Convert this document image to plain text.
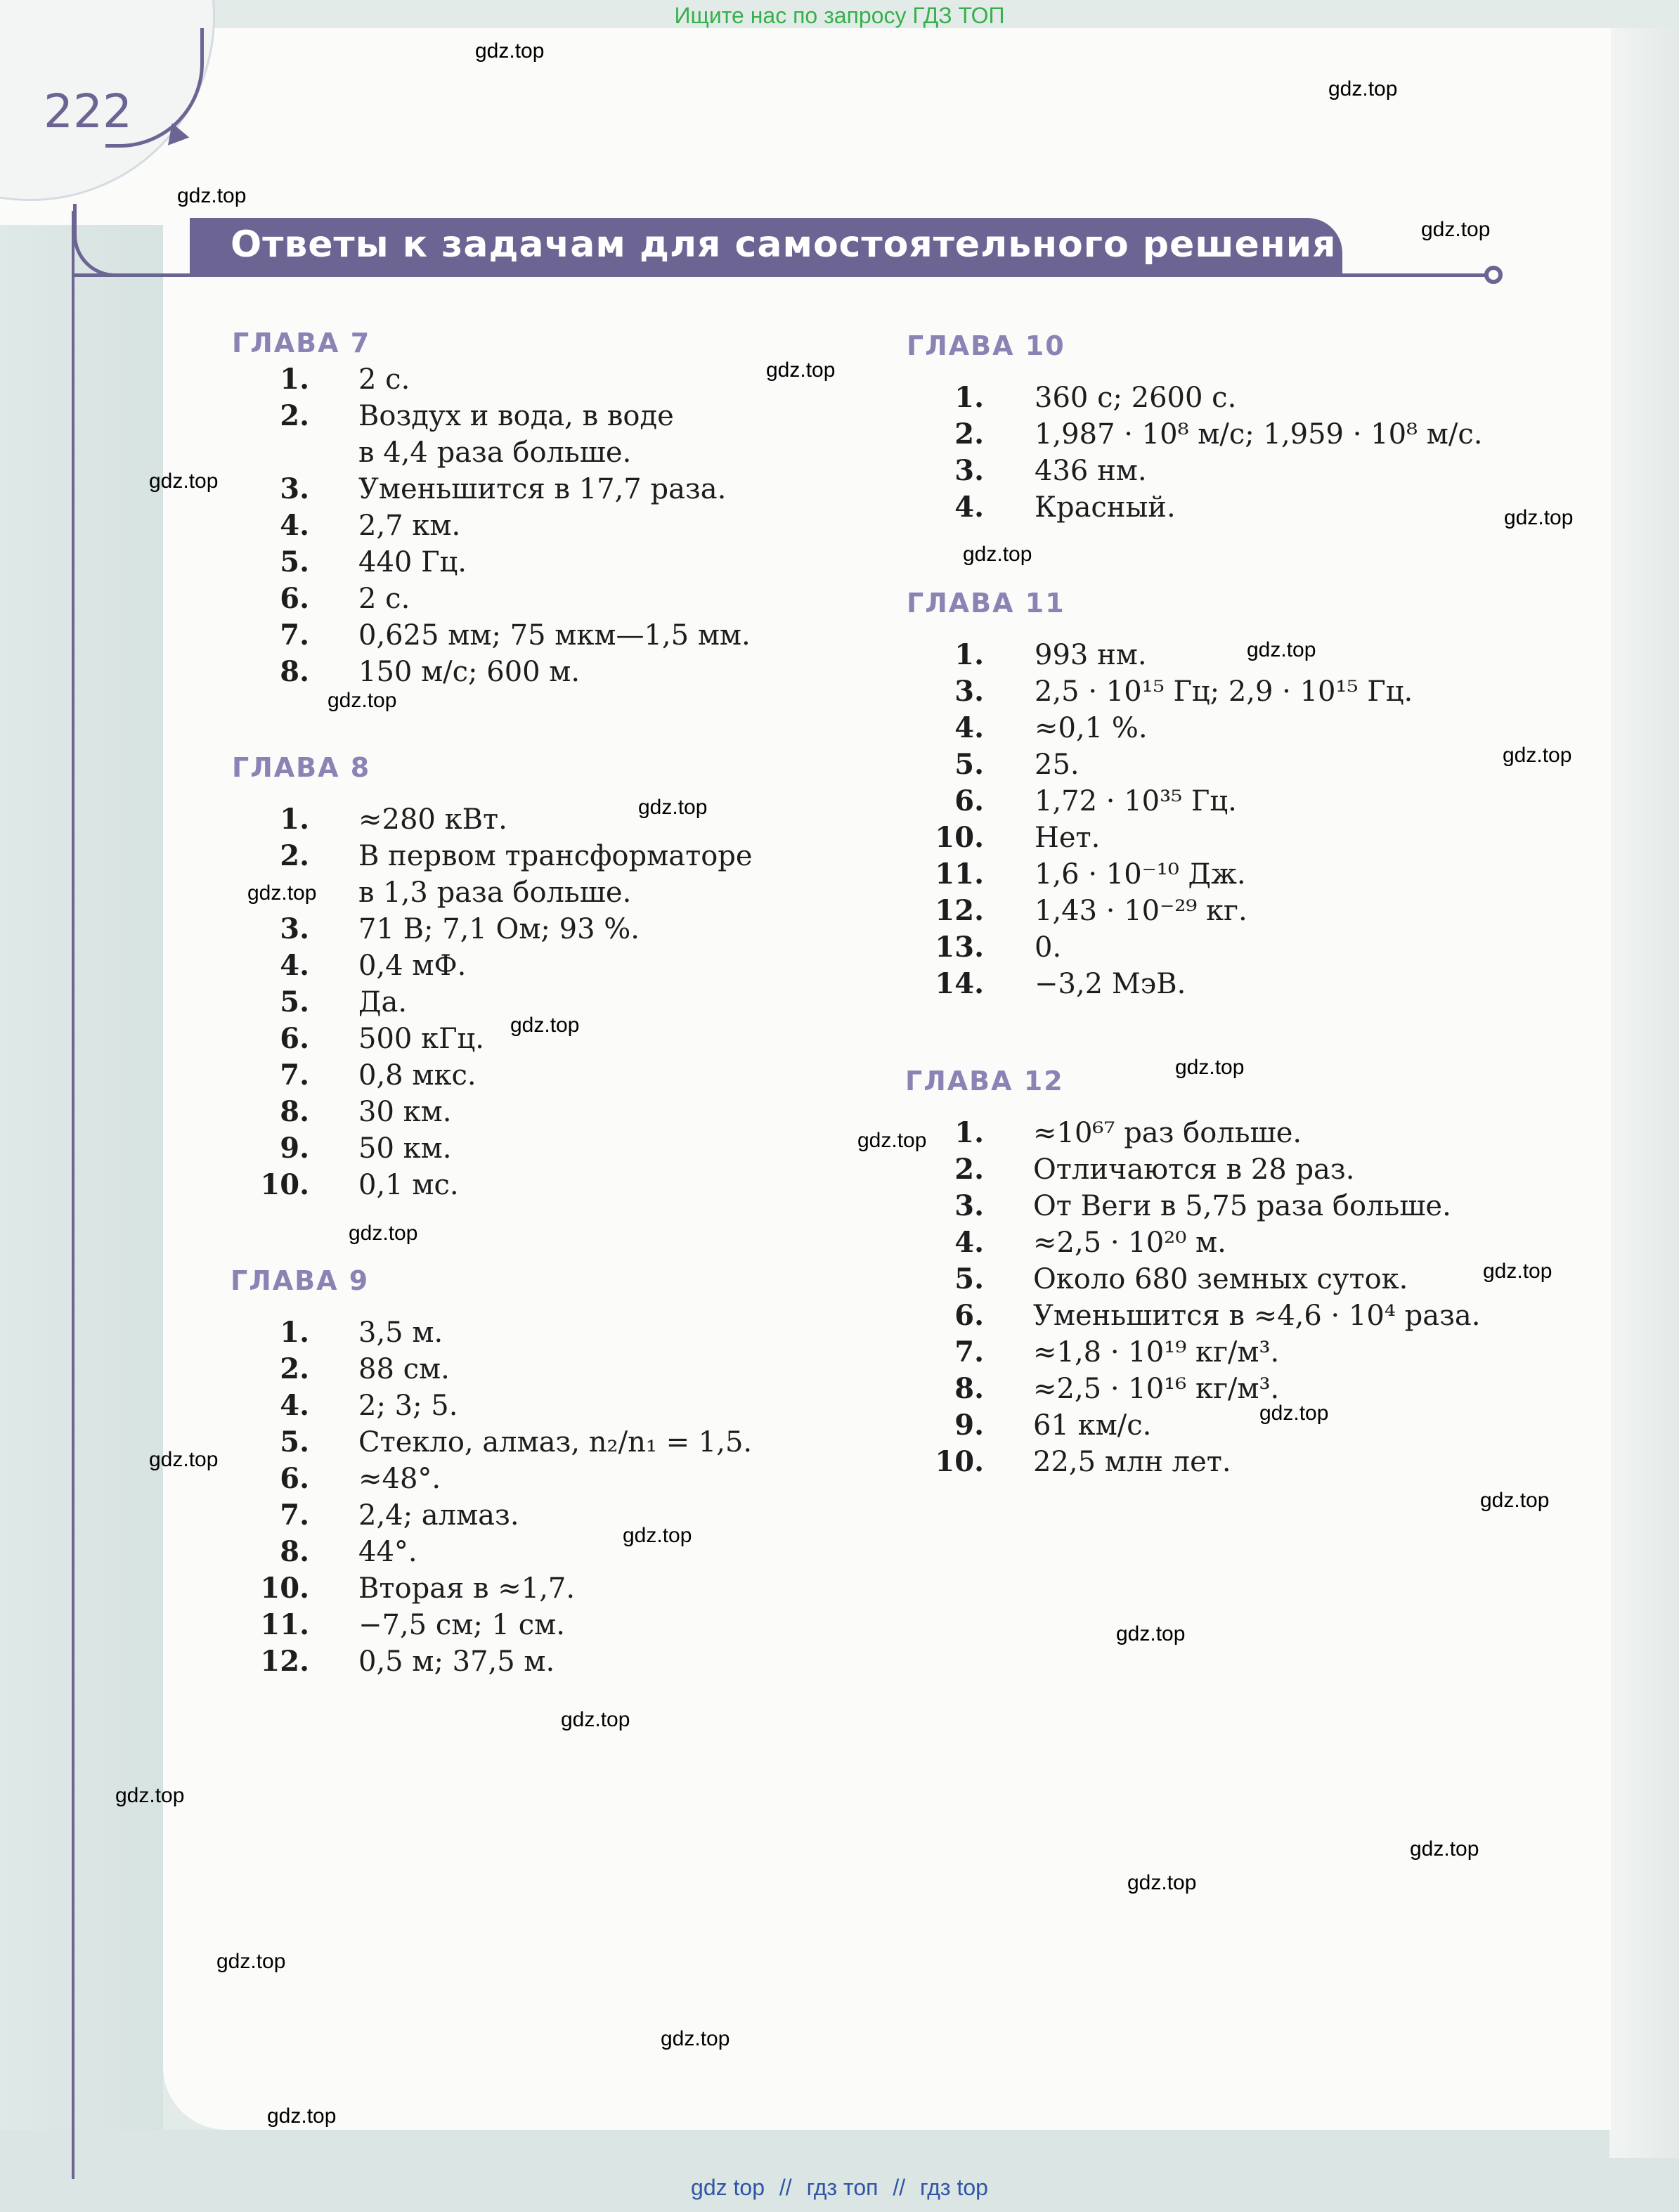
Ищите нас по запросу ГДЗ ТОП
222
Ответы к задачам для самостоятельного решения
ГЛАВА 7
ГЛАВА 8
ГЛАВА 9
ГЛАВА 10
ГЛАВА 11
ГЛАВА 12
1. 2 с.
2. Воздух и вода, в воде
в 4,4 раза больше.
3. Уменьшится в 17,7 раза.
4. 2,7 км.
5. 440 Гц.
6. 2 с.
7. 0,625 мм; 75 мкм—1,5 мм.
8. 150 м/с; 600 м.
1. ≈280 кВт.
2. В первом трансформаторе
в 1,3 раза больше.
3. 71 В; 7,1 Ом; 93 %.
4. 0,4 мФ.
5. Да.
6. 500 кГц.
7. 0,8 мкс.
8. 30 км.
9. 50 км.
10. 0,1 мс.
1. 3,5 м.
2. 88 см.
4. 2; 3; 5.
5. Стекло, алмаз, n₂/n₁ = 1,5.
6. ≈48°.
7. 2,4; алмаз.
8. 44°.
10. Вторая в ≈1,7.
11. −7,5 см; 1 см.
12. 0,5 м; 37,5 м.
1. 360 с; 2600 с.
2. 1,987 · 10⁸ м/с; 1,959 · 10⁸ м/с.
3. 436 нм.
4. Красный.
1. 993 нм.
3. 2,5 · 10¹⁵ Гц; 2,9 · 10¹⁵ Гц.
4. ≈0,1 %.
5. 25.
6. 1,72 · 10³⁵ Гц.
10. Нет.
11. 1,6 · 10⁻¹⁰ Дж.
12. 1,43 · 10⁻²⁹ кг.
13. 0.
14. −3,2 МэВ.
1. ≈10⁶⁷ раз больше.
2. Отличаются в 28 раз.
3. От Веги в 5,75 раза больше.
4. ≈2,5 · 10²⁰ м.
5. Около 680 земных суток.
6. Уменьшится в ≈4,6 · 10⁴ раза.
7. ≈1,8 · 10¹⁹ кг/м³.
8. ≈2,5 · 10¹⁶ кг/м³.
9. 61 км/с.
10. 22,5 млн лет.
gdz.top
gdz.top
gdz.top
gdz.top
gdz.top
gdz.top
gdz.top
gdz.top
gdz.top
gdz.top
gdz.top
gdz.top
gdz.top
gdz.top
gdz.top
gdz.top
gdz.top
gdz.top
gdz.top
gdz.top
gdz.top
gdz.top
gdz.top
gdz.top
gdz.top
gdz.top
gdz.top
gdz.top
gdz.top
gdz.top
gdz top // гдз топ // гдз top
